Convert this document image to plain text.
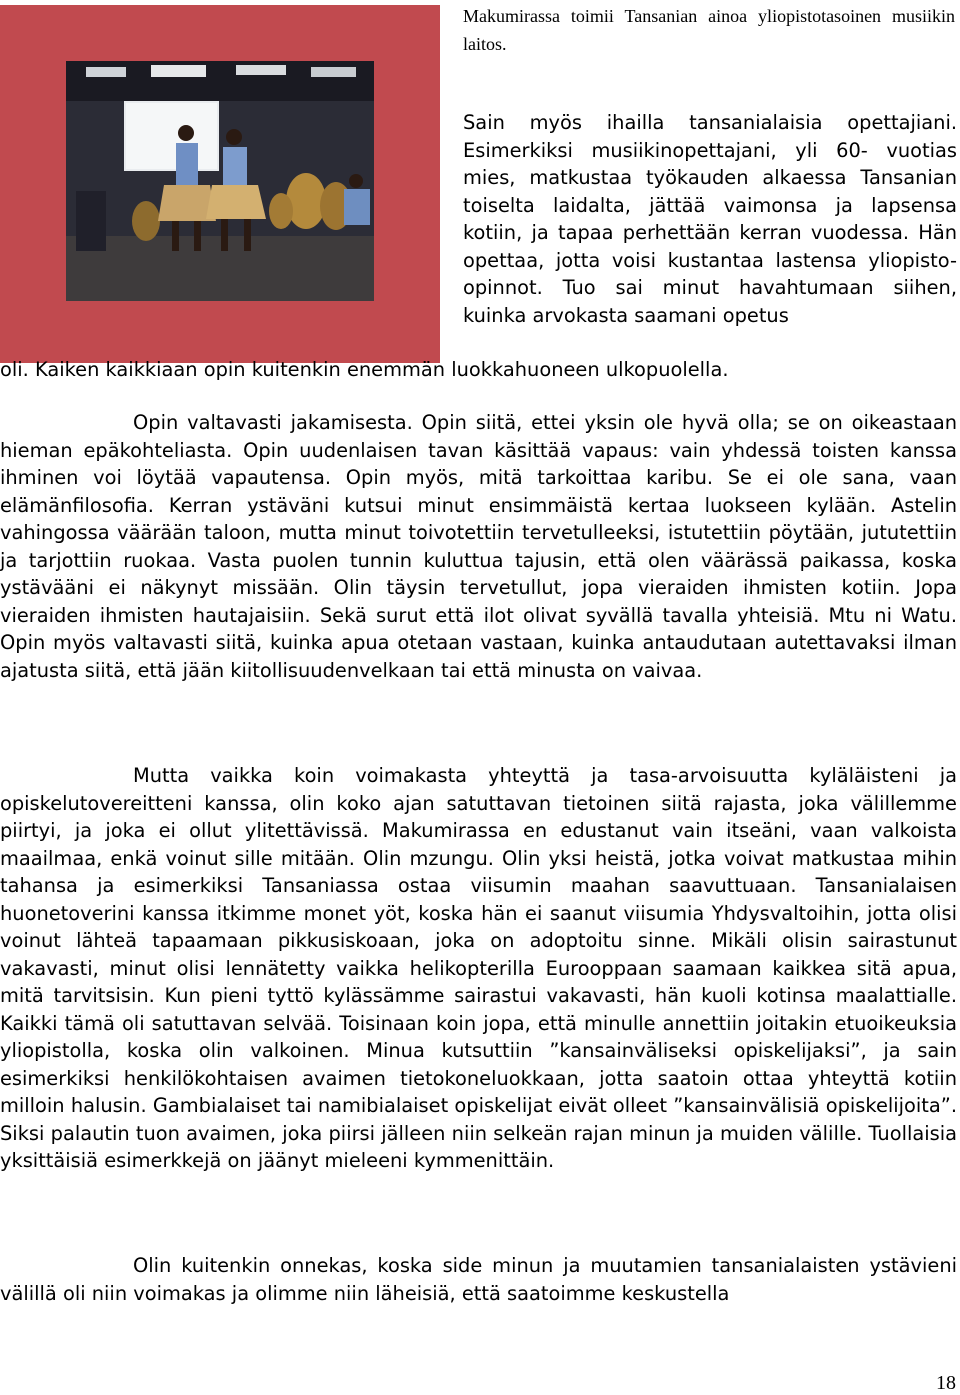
Makumirassa toimii Tansanian ainoa yliopistotasoinen musiikin laitos.
Sain myös ihailla tansanialaisia opettajiani. Esimerkiksi musiikinopettajani, yli 60- vuotias mies, matkustaa työkauden alkaessa Tansanian toiselta laidalta, jättää vaimonsa ja lapsensa kotiin, ja tapaa perhettään kerran vuodessa. Hän opettaa, jotta voisi kustantaa lastensa yliopisto- opinnot. Tuo sai minut havahtumaan siihen, kuinka arvokasta saamani opetus

oli. Kaiken kaikkiaan opin kuitenkin enemmän luokkahuoneen ulkopuolella.

Opin valtavasti jakamisesta. Opin siitä, ettei yksin ole hyvä olla; se on oikeastaan hieman epäkohteliasta. Opin uudenlaisen tavan käsittää vapaus: vain yhdessä toisten kanssa ihminen voi löytää vapautensa. Opin myös, mitä tarkoittaa karibu. Se ei ole sana, vaan elämänfilosofia. Kerran ystäväni kutsui minut ensimmäistä kertaa luokseen kylään. Astelin vahingossa väärään taloon, mutta minut toivotettiin tervetulleeksi, istutettiin pöytään, jututettiin ja tarjottiin ruokaa. Vasta puolen tunnin kuluttua tajusin, että olen väärässä paikassa, koska ystävääni ei näkynyt missään. Olin täysin tervetullut, jopa vieraiden ihmisten kotiin. Jopa vieraiden ihmisten hautajaisiin. Sekä surut että ilot olivat syvällä tavalla yhteisiä. Mtu ni Watu. Opin myös valtavasti siitä, kuinka apua otetaan vastaan, kuinka antaudutaan autettavaksi ilman ajatusta siitä, että jään kiitollisuudenvelkaan tai että minusta on vaivaa.

Mutta vaikka koin voimakasta yhteyttä ja tasa-arvoisuutta kyläläisteni ja opiskelutovereitteni kanssa, olin koko ajan satuttavan tietoinen siitä rajasta, joka välillemme piirtyi, ja joka ei ollut ylitettävissä. Makumirassa en edustanut vain itseäni, vaan valkoista maailmaa, enkä voinut sille mitään. Olin mzungu. Olin yksi heistä, jotka voivat matkustaa mihin tahansa ja esimerkiksi Tansaniassa ostaa viisumin maahan saavuttuaan. Tansanialaisen huonetoverini kanssa itkimme monet yöt, koska hän ei saanut viisumia Yhdysvaltoihin, jotta olisi voinut lähteä tapaamaan pikkusiskoaan, joka on adoptoitu sinne. Mikäli olisin sairastunut vakavasti, minut olisi lennätetty vaikka helikopterilla Eurooppaan saamaan kaikkea sitä apua, mitä tarvitsisin. Kun pieni tyttö kylässämme sairastui vakavasti, hän kuoli kotinsa maalattialle. Kaikki tämä oli satuttavan selvää. Toisinaan koin jopa, että minulle annettiin joitakin etuoikeuksia yliopistolla, koska olin valkoinen. Minua kutsuttiin ”kansainväliseksi opiskelijaksi”, ja sain esimerkiksi henkilökohtaisen avaimen tietokoneluokkaan, jotta saatoin ottaa yhteyttä kotiin milloin halusin. Gambialaiset tai namibialaiset opiskelijat eivät olleet ”kansainvälisiä opiskelijoita”. Siksi palautin tuon avaimen, joka piirsi jälleen niin selkeän rajan minun ja muiden välille. Tuollaisia yksittäisiä esimerkkejä on jäänyt mieleeni kymmenittäin.

Olin kuitenkin onnekas, koska side minun ja muutamien tansanialaisten ystävieni välillä oli niin voimakas ja olimme niin läheisiä, että saatoimme keskustella

18
